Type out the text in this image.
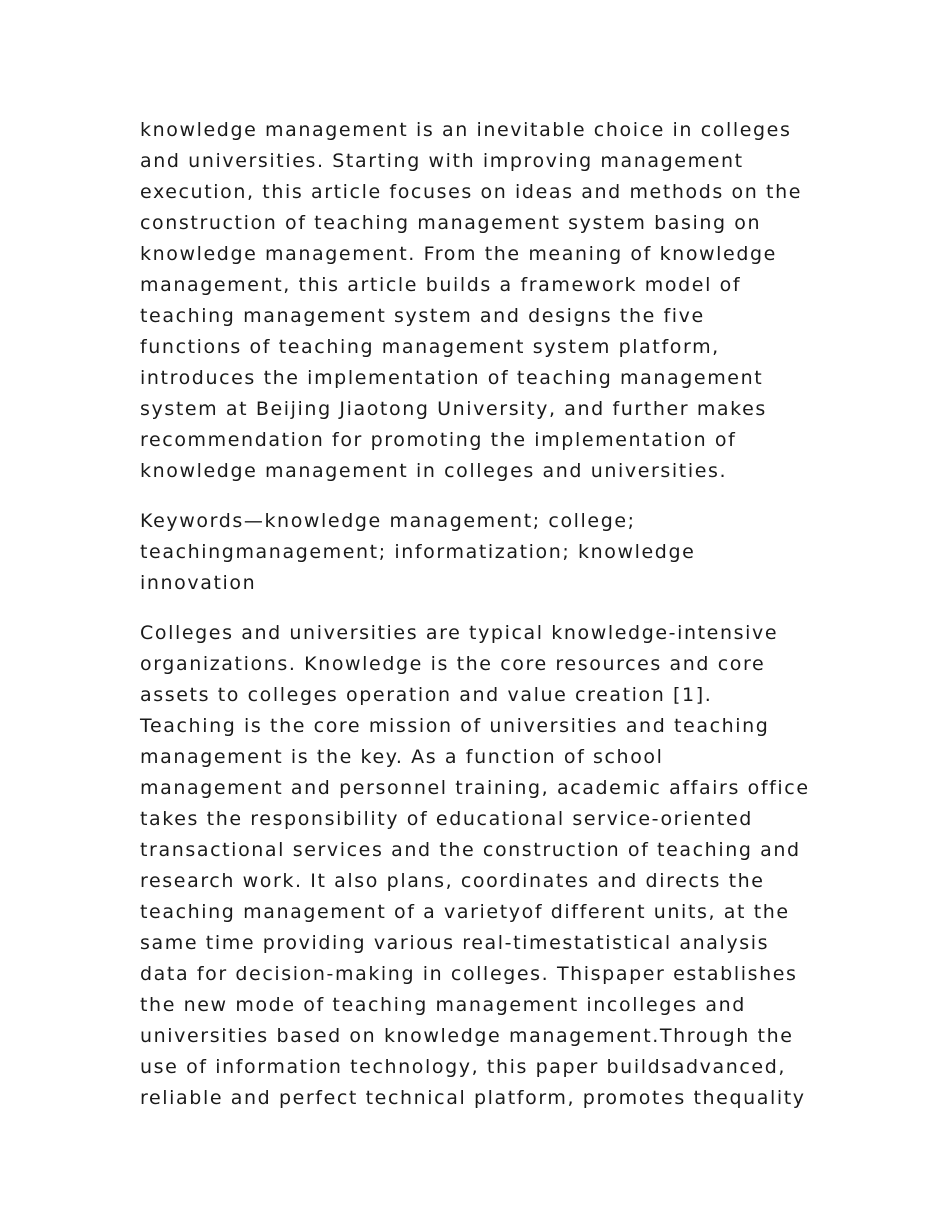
knowledge management is an inevitable choice in colleges
and universities. Starting with improving management
execution, this article focuses on ideas and methods on the
construction of teaching management system basing on
knowledge management. From the meaning of knowledge
management, this article builds a framework model of
teaching management system and designs the five
functions of teaching management system platform,
introduces the implementation of teaching management
system at Beijing Jiaotong University, and further makes
recommendation for promoting the implementation of
knowledge management in colleges and universities.

Keywords—knowledge management; college;
teachingmanagement; informatization; knowledge
innovation

Colleges and universities are typical knowledge-intensive
organizations. Knowledge is the core resources and core
assets to colleges operation and value creation [1].
Teaching is the core mission of universities and teaching
management is the key. As a function of school
management and personnel training, academic affairs office
takes the responsibility of educational service-oriented
transactional services and the construction of teaching and
research work. It also plans, coordinates and directs the
teaching management of a varietyof different units, at the
same time providing various real-timestatistical analysis
data for decision-making in colleges. Thispaper establishes
the new mode of teaching management incolleges and
universities based on knowledge management.Through the
use of information technology, this paper buildsadvanced,
reliable and perfect technical platform, promotes thequality
